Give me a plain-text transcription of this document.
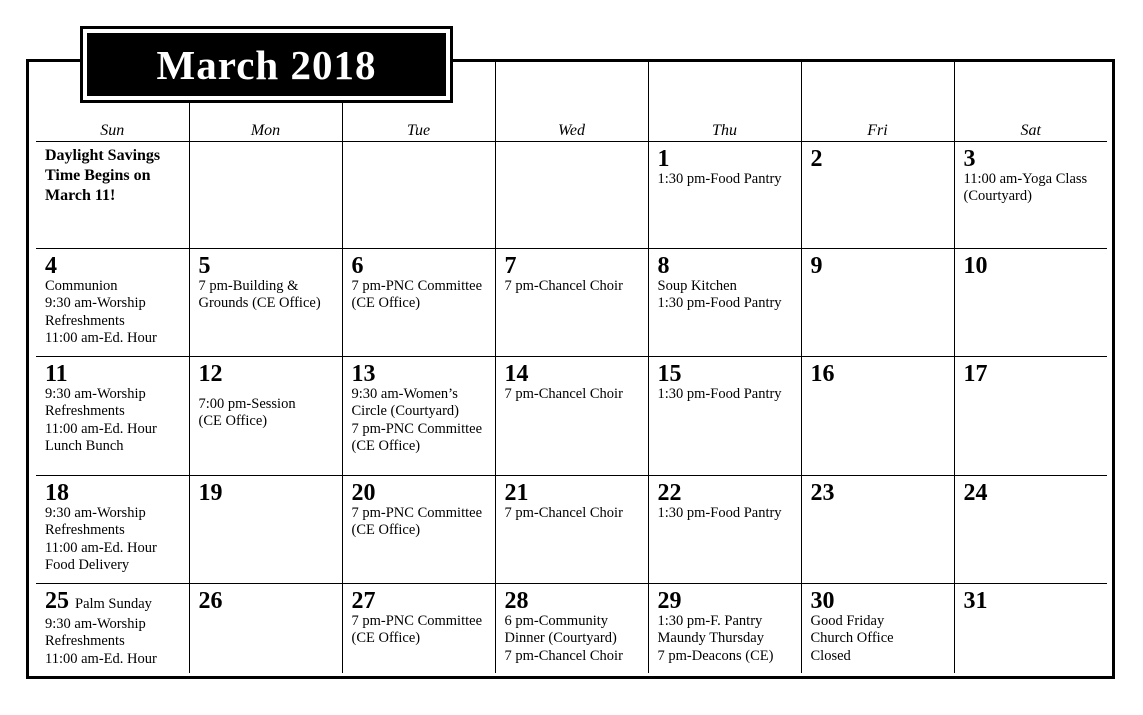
Sun	Mon	Tue	Wed	Thu	Fri	Sat

Daylight Savings
Time Begins on
March 11!				1
1:30 pm-Food Pantry	2	3
11:00 am-Yoga Class
(Courtyard)

4
Communion
9:30 am-Worship
Refreshments
11:00 am-Ed. Hour	5
7 pm-Building &
Grounds (CE Office)	6
7 pm-PNC Committee
(CE Office)	7
7 pm-Chancel Choir	8
Soup Kitchen
1:30 pm-Food Pantry	9	10

11
9:30 am-Worship
Refreshments
11:00 am-Ed. Hour
Lunch Bunch	12
7:00 pm-Session
(CE Office)	13
9:30 am-Women’s
Circle (Courtyard)
7 pm-PNC Committee
(CE Office)	14
7 pm-Chancel Choir	15
1:30 pm-Food Pantry	16	17

18
9:30 am-Worship
Refreshments
11:00 am-Ed. Hour
Food Delivery	19	20
7 pm-PNC Committee
(CE Office)	21
7 pm-Chancel Choir	22
1:30 pm-Food Pantry	23	24

25 Palm Sunday
9:30 am-Worship
Refreshments
11:00 am-Ed. Hour	26	27
7 pm-PNC Committee
(CE Office)	28
6 pm-Community
Dinner (Courtyard)
7 pm-Chancel Choir	29
1:30 pm-F. Pantry
Maundy Thursday
7 pm-Deacons (CE)	30
Good Friday
Church Office
Closed	31
March 2018
